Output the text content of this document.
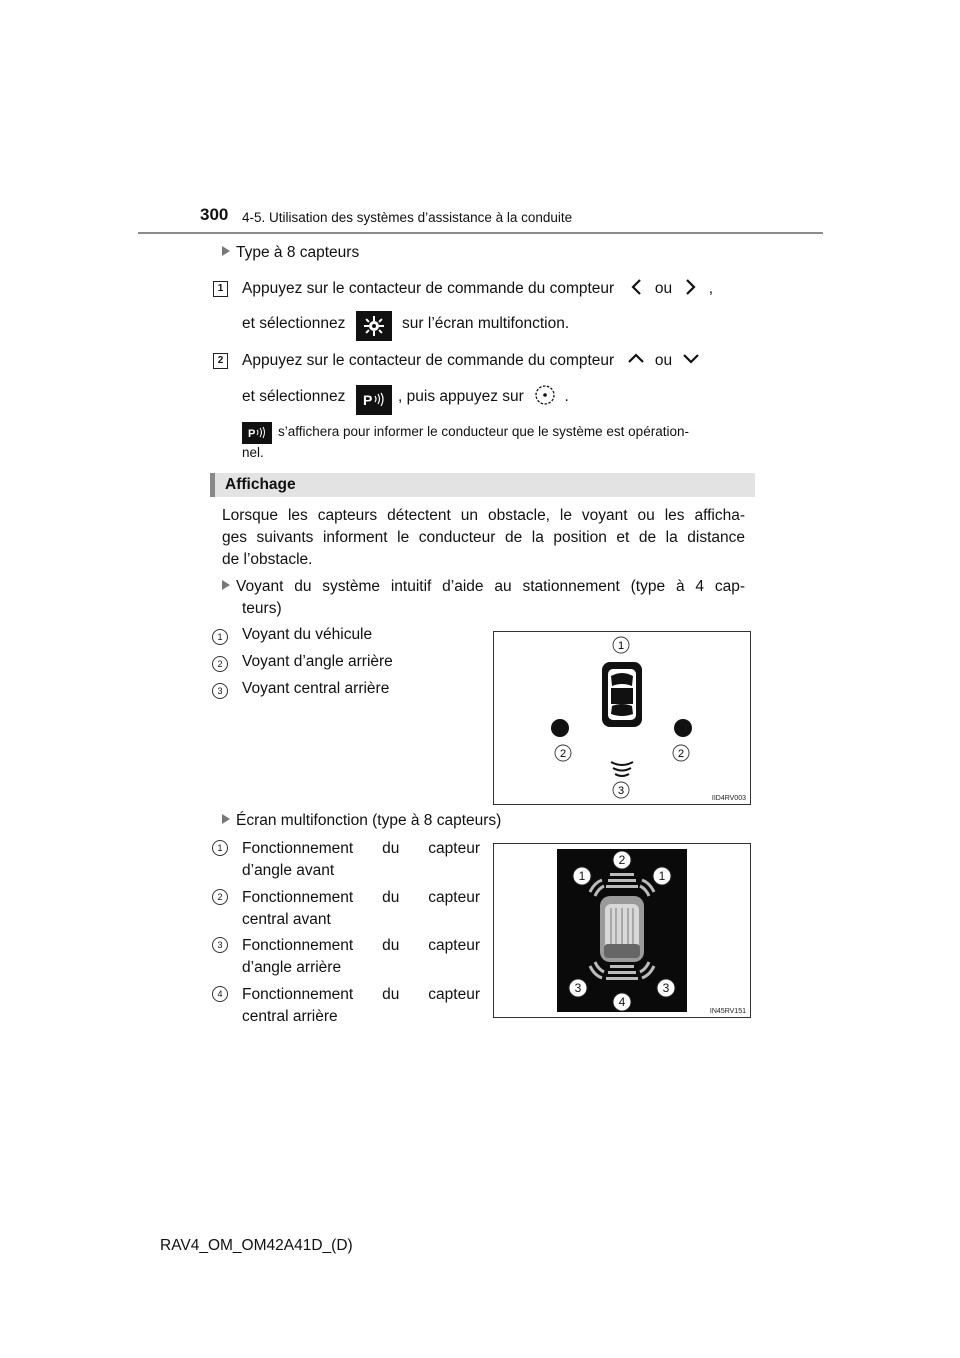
300 4-5. Utilisation des systèmes d’assistance à la conduite
Type à 8 capteurs
1	Appuyez sur le contacteur de commande du compteur	ou ,
et sélectionnez	sur l’écran multifonction.
2	Appuyez sur le contacteur de commande du compteur	ou
et sélectionnez P , puis appuyez sur	.
P s’affichera pour informer le conducteur que le système est opération-
nel.
Affichage
Lorsque les capteurs détectent un obstacle, le voyant ou les afficha-
ges suivants informent le conducteur de la position et de la distance
de l’obstacle.
Voyant du système intuitif d’aide au stationnement (type à 4 cap-
teurs)
1 Voyant du véhicule
2 Voyant d’angle arrière
3 Voyant central arrière
1
2	2
3
IID4RV003
Écran multifonction (type à 8 capteurs)
1	Fonctionnement du capteur
d’angle avant
2	Fonctionnement du capteur
central avant
3	Fonctionnement du capteur
d’angle arrière
4	Fonctionnement du capteur
central arrière
2
1	1
3	3
4
IN45RV151
RAV4_OM_OM42A41D_(D)
